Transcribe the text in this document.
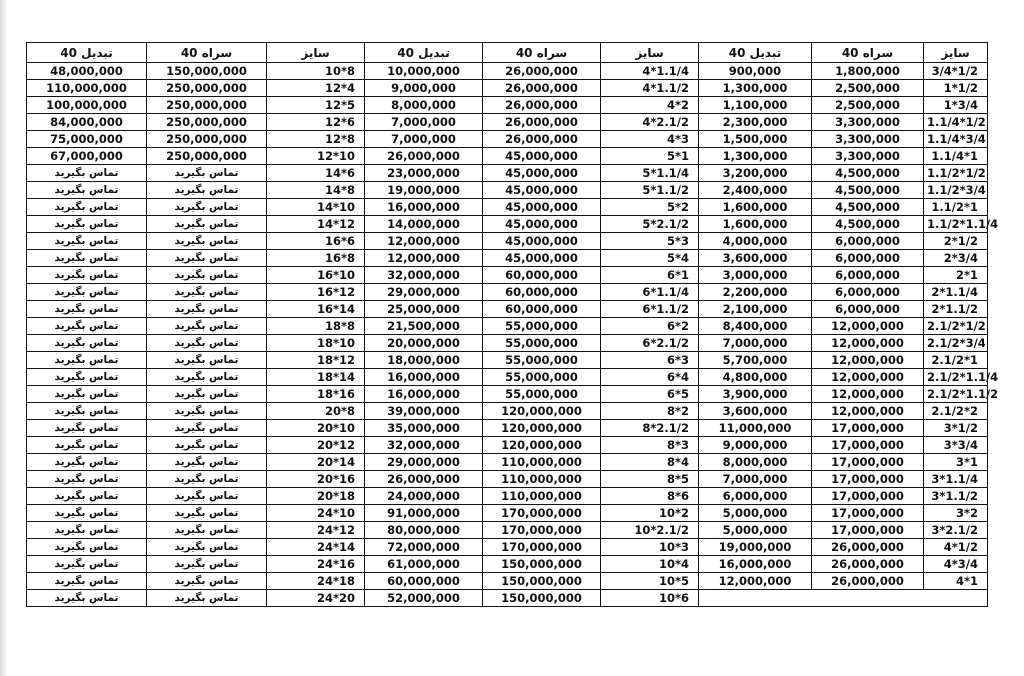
تبدیل 40	سراه 40	سایز	تبدیل 40	سراه 40	سایز	تبدیل 40	سراه 40	سایز
48,000,000	150,000,000	10*8	10,000,000	26,000,000	4*1.1/4	900,000	1,800,000	3/4*1/2
110,000,000	250,000,000	12*4	9,000,000	26,000,000	4*1.1/2	1,300,000	2,500,000	1*1/2
100,000,000	250,000,000	12*5	8,000,000	26,000,000	4*2	1,100,000	2,500,000	1*3/4
84,000,000	250,000,000	12*6	7,000,000	26,000,000	4*2.1/2	2,300,000	3,300,000	1.1/4*1/2
75,000,000	250,000,000	12*8	7,000,000	26,000,000	4*3	1,500,000	3,300,000	1.1/4*3/4
67,000,000	250,000,000	12*10	26,000,000	45,000,000	5*1	1,300,000	3,300,000	1.1/4*1
تماس بگیرید	تماس بگیرید	14*6	23,000,000	45,000,000	5*1.1/4	3,200,000	4,500,000	1.1/2*1/2
تماس بگیرید	تماس بگیرید	14*8	19,000,000	45,000,000	5*1.1/2	2,400,000	4,500,000	1.1/2*3/4
تماس بگیرید	تماس بگیرید	14*10	16,000,000	45,000,000	5*2	1,600,000	4,500,000	1.1/2*1
تماس بگیرید	تماس بگیرید	14*12	14,000,000	45,000,000	5*2.1/2	1,600,000	4,500,000	1.1/2*1.1/4
تماس بگیرید	تماس بگیرید	16*6	12,000,000	45,000,000	5*3	4,000,000	6,000,000	2*1/2
تماس بگیرید	تماس بگیرید	16*8	12,000,000	45,000,000	5*4	3,600,000	6,000,000	2*3/4
تماس بگیرید	تماس بگیرید	16*10	32,000,000	60,000,000	6*1	3,000,000	6,000,000	2*1
تماس بگیرید	تماس بگیرید	16*12	29,000,000	60,000,000	6*1.1/4	2,200,000	6,000,000	2*1.1/4
تماس بگیرید	تماس بگیرید	16*14	25,000,000	60,000,000	6*1.1/2	2,100,000	6,000,000	2*1.1/2
تماس بگیرید	تماس بگیرید	18*8	21,500,000	55,000,000	6*2	8,400,000	12,000,000	2.1/2*1/2
تماس بگیرید	تماس بگیرید	18*10	20,000,000	55,000,000	6*2.1/2	7,000,000	12,000,000	2.1/2*3/4
تماس بگیرید	تماس بگیرید	18*12	18,000,000	55,000,000	6*3	5,700,000	12,000,000	2.1/2*1
تماس بگیرید	تماس بگیرید	18*14	16,000,000	55,000,000	6*4	4,800,000	12,000,000	2.1/2*1.1/4
تماس بگیرید	تماس بگیرید	18*16	16,000,000	55,000,000	6*5	3,900,000	12,000,000	2.1/2*1.1/2
تماس بگیرید	تماس بگیرید	20*8	39,000,000	120,000,000	8*2	3,600,000	12,000,000	2.1/2*2
تماس بگیرید	تماس بگیرید	20*10	35,000,000	120,000,000	8*2.1/2	11,000,000	17,000,000	3*1/2
تماس بگیرید	تماس بگیرید	20*12	32,000,000	120,000,000	8*3	9,000,000	17,000,000	3*3/4
تماس بگیرید	تماس بگیرید	20*14	29,000,000	110,000,000	8*4	8,000,000	17,000,000	3*1
تماس بگیرید	تماس بگیرید	20*16	26,000,000	110,000,000	8*5	7,000,000	17,000,000	3*1.1/4
تماس بگیرید	تماس بگیرید	20*18	24,000,000	110,000,000	8*6	6,000,000	17,000,000	3*1.1/2
تماس بگیرید	تماس بگیرید	24*10	91,000,000	170,000,000	10*2	5,000,000	17,000,000	3*2
تماس بگیرید	تماس بگیرید	24*12	80,000,000	170,000,000	10*2.1/2	5,000,000	17,000,000	3*2.1/2
تماس بگیرید	تماس بگیرید	24*14	72,000,000	170,000,000	10*3	19,000,000	26,000,000	4*1/2
تماس بگیرید	تماس بگیرید	24*16	61,000,000	150,000,000	10*4	16,000,000	26,000,000	4*3/4
تماس بگیرید	تماس بگیرید	24*18	60,000,000	150,000,000	10*5	12,000,000	26,000,000	4*1
تماس بگیرید	تماس بگیرید	24*20	52,000,000	150,000,000	10*6			
